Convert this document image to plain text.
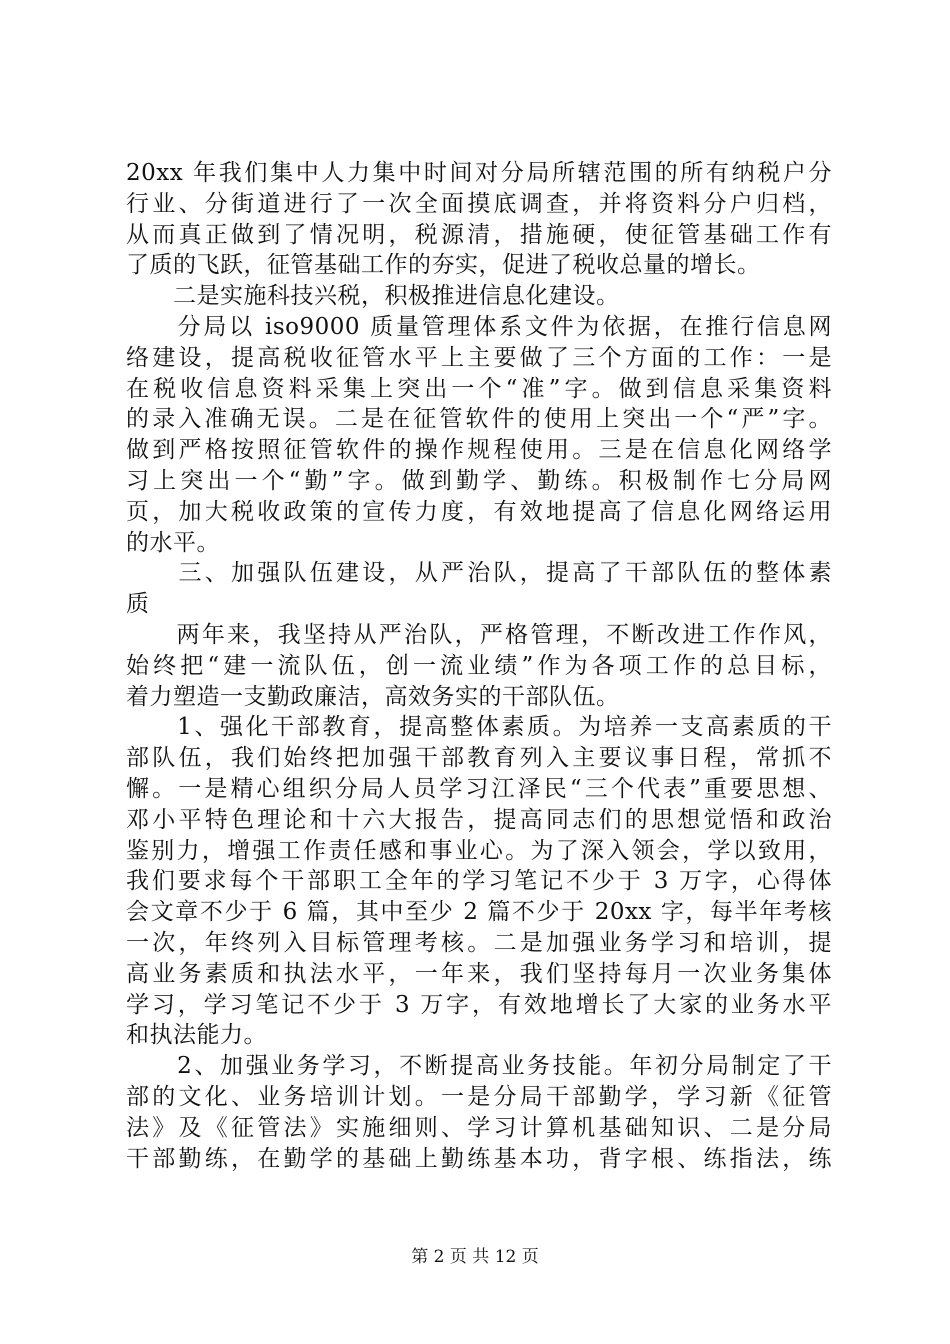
20xx 年我们集中人力集中时间对分局所辖范围的所有纳税户分
行业、分街道进行了一次全面摸底调查，并将资料分户归档，
从而真正做到了情况明，税源清，措施硬，使征管基础工作有
了质的飞跃，征管基础工作的夯实，促进了税收总量的增长。
　　二是实施科技兴税，积极推进信息化建设。
　　分局以 iso9000 质量管理体系文件为依据，在推行信息网
络建设，提高税收征管水平上主要做了三个方面的工作：一是
在税收信息资料采集上突出一个“准”字。做到信息采集资料
的录入准确无误。二是在征管软件的使用上突出一个“严”字。
做到严格按照征管软件的操作规程使用。三是在信息化网络学
习上突出一个“勤”字。做到勤学、勤练。积极制作七分局网
页，加大税收政策的宣传力度，有效地提高了信息化网络运用
的水平。
　　三、加强队伍建设，从严治队，提高了干部队伍的整体素
质
　　两年来，我坚持从严治队，严格管理，不断改进工作作风，
始终把“建一流队伍，创一流业绩”作为各项工作的总目标，
着力塑造一支勤政廉洁，高效务实的干部队伍。
　　1、强化干部教育，提高整体素质。为培养一支高素质的干
部队伍，我们始终把加强干部教育列入主要议事日程，常抓不
懈。一是精心组织分局人员学习江泽民“三个代表”重要思想、
邓小平特色理论和十六大报告，提高同志们的思想觉悟和政治
鉴别力，增强工作责任感和事业心。为了深入领会，学以致用，
我们要求每个干部职工全年的学习笔记不少于 3 万字，心得体
会文章不少于 6 篇，其中至少 2 篇不少于 20xx 字，每半年考核
一次，年终列入目标管理考核。二是加强业务学习和培训，提
高业务素质和执法水平，一年来，我们坚持每月一次业务集体
学习，学习笔记不少于 3 万字，有效地增长了大家的业务水平
和执法能力。
　　2、加强业务学习，不断提高业务技能。年初分局制定了干
部的文化、业务培训计划。一是分局干部勤学，学习新《征管
法》及《征管法》实施细则、学习计算机基础知识、二是分局
干部勤练，在勤学的基础上勤练基本功，背字根、练指法，练
第 2 页 共 12 页
